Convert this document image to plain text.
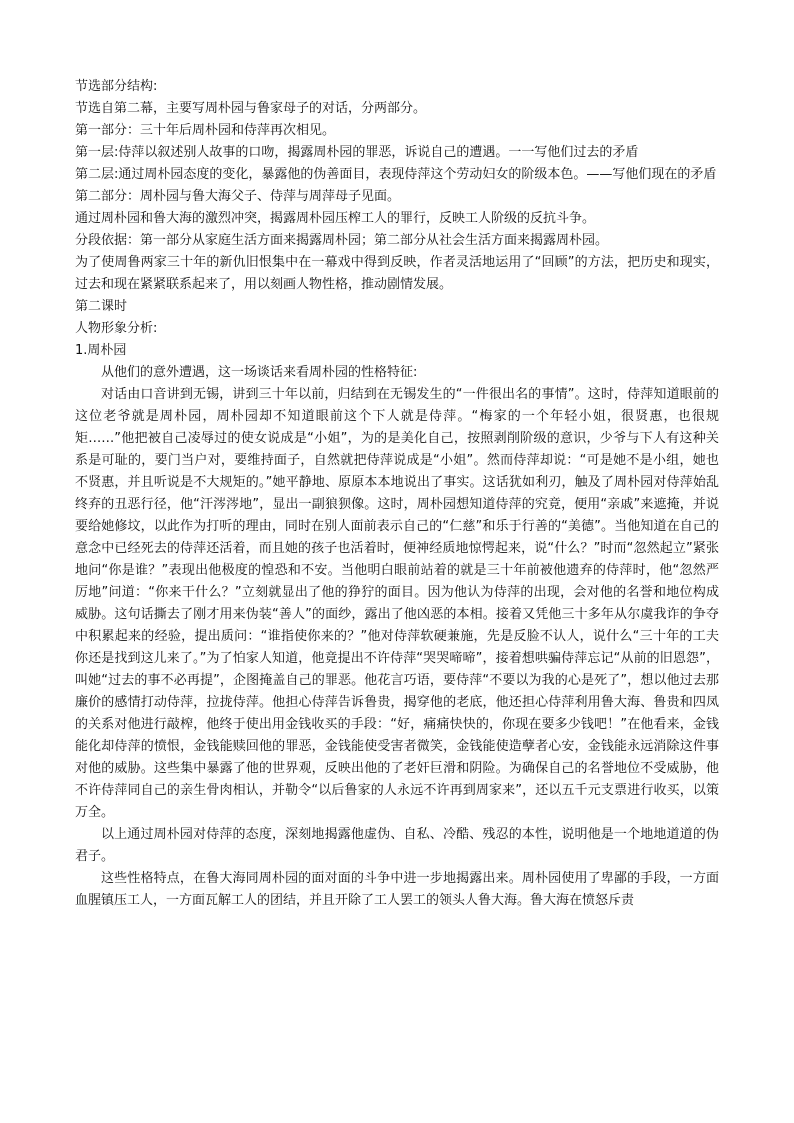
节选部分结构:

节选自第二幕，主要写周朴园与鲁家母子的对话，分两部分。

第一部分：三十年后周朴园和侍萍再次相见。

第一层:侍萍以叙述别人故事的口吻，揭露周朴园的罪恶，诉说自己的遭遇。一一写他们过去的矛盾

第二层:通过周朴园态度的变化，暴露他的伪善面目，表现侍萍这个劳动妇女的阶级本色。——写他们现在的矛盾

第二部分：周朴园与鲁大海父子、侍萍与周萍母子见面。

通过周朴园和鲁大海的激烈冲突，揭露周朴园压榨工人的罪行，反映工人阶级的反抗斗争。

分段依据：第一部分从家庭生活方面来揭露周朴园；第二部分从社会生活方面来揭露周朴园。

为了使周鲁两家三十年的新仇旧恨集中在一幕戏中得到反映，作者灵活地运用了“回顾”的方法，把历史和现实，过去和现在紧紧联系起来了，用以刻画人物性格，推动剧情发展。

第二课时

人物形象分析:

1.周朴园

从他们的意外遭遇，这一场谈话来看周朴园的性格特征:

对话由口音讲到无锡，讲到三十年以前，归结到在无锡发生的“一件很出名的事情”。这时，侍萍知道眼前的这位老爷就是周朴园，周朴园却不知道眼前这个下人就是侍萍。“梅家的一个年轻小姐，很贤惠，也很规矩……”他把被自己凌辱过的使女说成是“小姐”，为的是美化自己，按照剥削阶级的意识，少爷与下人有这种关系是可耻的，要门当户对，要维持面子，自然就把侍萍说成是“小姐”。然而侍萍却说：“可是她不是小组，她也不贤惠，并且听说是不大规矩的。”她平静地、原原本本地说出了事实。这话犹如利刃，触及了周朴园对侍萍始乱终弃的丑恶行径，他“汗涔涔地”，显出一副狼狈像。这时，周朴园想知道侍萍的究竟，便用“亲戚”来遮掩，并说要给她修坟，以此作为打听的理由，同时在别人面前表示自己的“仁慈”和乐于行善的“美德”。当他知道在自己的意念中已经死去的侍萍还活着，而且她的孩子也活着时，便神经质地惊愕起来，说“什么？”时而“忽然起立”紧张地问“你是谁？”表现出他极度的惶恐和不安。当他明白眼前站着的就是三十年前被他遗弃的侍萍时，他“忽然严厉地”问道：“你来干什么？”立刻就显出了他的狰狞的面目。因为他认为侍萍的出现，会对他的名誉和地位构成威胁。这句话撕去了刚才用来伪装“善人”的面纱，露出了他凶恶的本相。接着又凭他三十多年从尔虞我诈的争夺中积累起来的经验，提出质问：“谁指使你来的？”他对侍萍软硬兼施，先是反脸不认人，说什么“三十年的工夫你还是找到这儿来了。”为了怕家人知道，他竟提出不许侍萍“哭哭啼啼”，接着想哄骗侍萍忘记“从前的旧恩怨”，叫她“过去的事不必再提”，企图掩盖自己的罪恶。他花言巧语，要侍萍“不要以为我的心是死了”，想以他过去那廉价的感情打动侍萍，拉拢侍萍。他担心侍萍告诉鲁贵，揭穿他的老底，他还担心侍萍利用鲁大海、鲁贵和四凤的关系对他进行敲榨，他终于使出用金钱收买的手段：“好，痛痛快快的，你现在要多少钱吧！”在他看来，金钱能化却侍萍的愤恨，金钱能赎回他的罪恶，金钱能使受害者微笑，金钱能使造孽者心安，金钱能永远消除这件事对他的威胁。这些集中暴露了他的世界观，反映出他的了老奸巨滑和阴险。为确保自己的名誉地位不受威胁，他不许侍萍同自己的亲生骨肉相认，并勒令“以后鲁家的人永远不许再到周家来”，还以五千元支票进行收买，以策万全。

以上通过周朴园对侍萍的态度，深刻地揭露他虚伪、自私、冷酷、残忍的本性，说明他是一个地地道道的伪君子。

这些性格特点，在鲁大海同周朴园的面对面的斗争中进一步地揭露出来。周朴园使用了卑鄙的手段，一方面血腥镇压工人，一方面瓦解工人的团结，并且开除了工人罢工的领头人鲁大海。鲁大海在愤怒斥责
